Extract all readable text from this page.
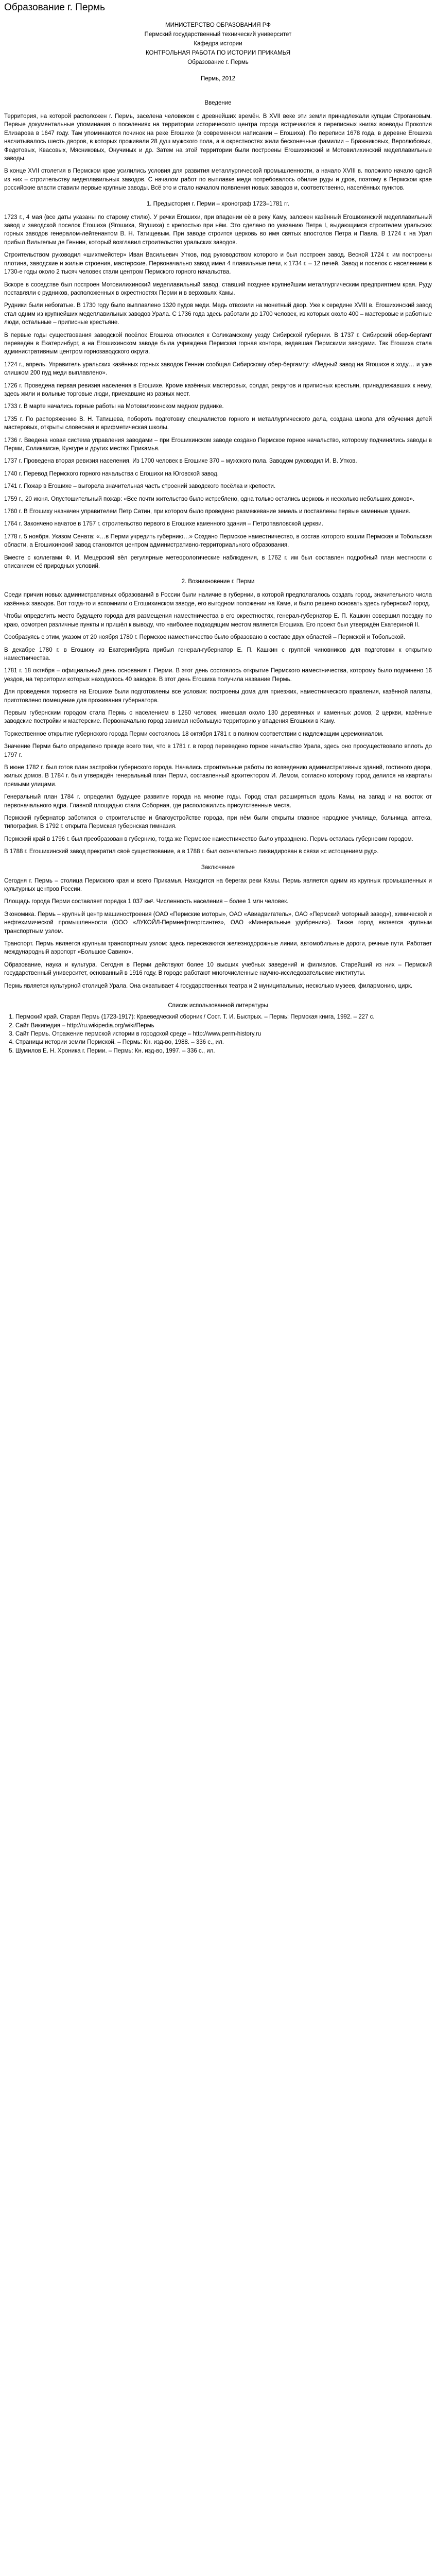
Образование г. Пермь
МИНИСТЕРСТВО ОБРАЗОВАНИЯ РФ
Пермский государственный технический университет
Кафедра истории
КОНТРОЛЬНАЯ РАБОТА ПО ИСТОРИИ ПРИКАМЬЯ
Образование г. Пермь
Пермь, 2012
Введение

Территория, на которой расположен г. Пермь, заселена человеком с древнейших времён. В XVII веке эти земли принадлежали купцам Строгановым. Первые документальные упоминания о поселениях на территории исторического центра города встречаются в переписных книгах воеводы Прокопия Елизарова в 1647 году. Там упоминаются починок на реке Егошихе (в современном написании – Егошиха). По переписи 1678 года, в деревне Егошиха насчитывалось шесть дворов, в которых проживали 28 душ мужского пола, а в окрестностях жили бесконечные фамилии – Бражниковых, Веролюбовых, Федотовых, Квасовых, Мясниковых, Онучиных и др. Затем на этой территории были построены Егошихинский и Мотовилихинский медеплавильные заводы.

В конце XVII столетия в Пермском крае усилились условия для развития металлургической промышленности, а начало XVIII в. положило начало одной из них – строительству медеплавильных заводов. С началом работ по выплавке меди потребовалось обилие руды и дров, поэтому в Пермском крае российские власти ставили первые крупные заводы. Всё это и стало началом появления новых заводов и, соответственно, населённых пунктов.

1. Предыстория г. Перми – хронограф 1723–1781 гг.

1723 г., 4 мая (все даты указаны по старому стилю). У речки Егошихи, при впадении её в реку Каму, заложен казённый Егошихинский медеплавильный завод и заводской поселок Егошиха (Ягошиха, Ягушиха) с крепостью при нём. Это сделано по указанию Петра I, выдающимся строителем уральских горных заводов генералом-лейтенантом В. Н. Татищевым. При заводе строится церковь во имя святых апостолов Петра и Павла. В 1724 г. на Урал прибыл Вильгельм де Геннин, который возглавил строительство уральских заводов.

Строительством руководил «шихтмейстер» Иван Васильевич Утков, под руководством которого и был построен завод. Весной 1724 г. им построены плотина, заводские и жилые строения, мастерские. Первоначально завод имел 4 плавильные печи, к 1734 г. – 12 печей. Завод и поселок с населением в 1730-е годы около 2 тысяч человек стали центром Пермского горного начальства.

Вскоре в соседстве был построен Мотовилихинский медеплавильный завод, ставший позднее крупнейшим металлургическим предприятием края. Руду поставляли с рудников, расположенных в окрестностях Перми и в верховьях Камы.

Рудники были небогатые. В 1730 году было выплавлено 1320 пудов меди. Медь отвозили на монетный двор. Уже к середине XVIII в. Егошихинский завод стал одним из крупнейших медеплавильных заводов Урала. С 1736 года здесь работали до 1700 человек, из которых около 400 – мастеровые и работные люди, остальные – приписные крестьяне.

В первые годы существования заводской посёлок Егошиха относился к Соликамскому уезду Сибирской губернии. В 1737 г. Сибирский обер-бергамт переведён в Екатеринбург, а на Егошихинском заводе была учреждена Пермская горная контора, ведавшая Пермскими заводами. Так Егошиха стала административным центром горнозаводского округа.

1724 г., апрель. Управитель уральских казённых горных заводов Геннин сообщал Сибирскому обер-бергамту: «Медный завод на Ягошихе в ходу… и уже слишком 200 пуд меди выплавлено».

1726 г. Проведена первая ревизия населения в Егошихе. Кроме казённых мастеровых, солдат, рекрутов и приписных крестьян, принадлежавших к нему, здесь жили и вольные торговые люди, приехавшие из разных мест.

1733 г. В марте начались горные работы на Мотовилихинском медном руднике.

1735 г. По распоряжению В. Н. Татищева, побороть подготовку специалистов горного и металлургического дела, создана школа для обучения детей мастеровых, открыты словесная и арифметическая школы.

1736 г. Введена новая система управления заводами – при Егошихинском заводе создано Пермское горное начальство, которому подчинялись заводы в Перми, Соликамске, Кунгуре и других местах Прикамья.

1737 г. Проведена вторая ревизия населения. Из 1700 человек в Егошихе 370 – мужского пола. Заводом руководил И. В. Утков.

1740 г. Перевод Пермского горного начальства с Егошихи на Юговской завод.

1741 г. Пожар в Егошихе – выгорела значительная часть строений заводского посёлка и крепости.

1759 г., 20 июня. Опустошительный пожар: «Все почти жительство было истреблено, одна только остались церковь и несколько небольших домов».

1760 г. В Егошиху назначен управителем Петр Сатин, при котором было проведено размежевание земель и поставлены первые каменные здания.

1764 г. Закончено начатое в 1757 г. строительство первого в Егошихе каменного здания – Петропавловской церкви.

1778 г. 5 ноября. Указом Сената: «…в Перми учредить губернию…» Создано Пермское наместничество, в состав которого вошли Пермская и Тобольская области, а Егошихинский завод становится центром административно-территориального образования.

Вместе с коллегами Ф. И. Мецерский вёл регулярные метеорологические наблюдения, в 1762 г. им был составлен подробный план местности с описанием её природных условий.

2. Возникновение г. Перми

Среди причин новых административных образований в России были наличие в губернии, в которой предполагалось создать город, значительного числа казённых заводов. Вот тогда-то и вспомнили о Егошихинском заводе, его выгодном положении на Каме, и было решено основать здесь губернский город.

Чтобы определить место будущего города для размещения наместничества в его окрестностях, генерал-губернатор Е. П. Кашкин совершил поездку по краю, осмотрел различные пункты и пришёл к выводу, что наиболее подходящим местом является Егошиха. Его проект был утверждён Екатериной II.

Сообразуясь с этим, указом от 20 ноября 1780 г. Пермское наместничество было образовано в составе двух областей – Пермской и Тобольской.

В декабре 1780 г. в Егошиху из Екатеринбурга прибыл генерал-губернатор Е. П. Кашкин с группой чиновников для подготовки к открытию наместничества.

1781 г. 18 октября – официальный день основания г. Перми. В этот день состоялось открытие Пермского наместничества, которому было подчинено 16 уездов, на территории которых находилось 40 заводов. В этот день Егошиха получила название Пермь.

Для проведения торжеств на Егошихе были подготовлены все условия: построены дома для приезжих, наместнического правления, казённой палаты, приготовлено помещение для проживания губернатора.

Первым губернским городом стала Пермь с населением в 1250 человек, имевшая около 130 деревянных и каменных домов, 2 церкви, казённые заводские постройки и мастерские. Первоначально город занимал небольшую территорию у впадения Егошихи в Каму.

Торжественное открытие губернского города Перми состоялось 18 октября 1781 г. в полном соответствии с надлежащим церемониалом.

Значение Перми было определено прежде всего тем, что в 1781 г. в город переведено горное начальство Урала, здесь оно просуществовало вплоть до 1797 г.

В июне 1782 г. был готов план застройки губернского города. Начались строительные работы по возведению административных зданий, гостиного двора, жилых домов. В 1784 г. был утверждён генеральный план Перми, составленный архитектором И. Лемом, согласно которому город делился на кварталы прямыми улицами.

Генеральный план 1784 г. определил будущее развитие города на многие годы. Город стал расширяться вдоль Камы, на запад и на восток от первоначального ядра. Главной площадью стала Соборная, где расположились присутственные места.

Пермский губернатор заботился о строительстве и благоустройстве города, при нём были открыты главное народное училище, больница, аптека, типография. В 1792 г. открыта Пермская губернская гимназия.

Пермский край в 1796 г. был преобразован в губернию, тогда же Пермское наместничество было упразднено. Пермь осталась губернским городом.

В 1788 г. Егошихинский завод прекратил своё существование, а в 1788 г. был окончательно ликвидирован в связи «с истощением руд».

Заключение

Сегодня г. Пермь – столица Пермского края и всего Прикамья. Находится на берегах реки Камы. Пермь является одним из крупных промышленных и культурных центров России.

Площадь города Перми составляет порядка 1 037 км². Численность населения – более 1 млн человек.

Экономика. Пермь – крупный центр машиностроения (ОАО «Пермские моторы», ОАО «Авиадвигатель», ОАО «Пермский моторный завод»), химической и нефтехимической промышленности (ООО «ЛУКОЙЛ-Пермнефтеоргсинтез», ОАО «Минеральные удобрения»). Также город является крупным транспортным узлом.

Транспорт. Пермь является крупным транспортным узлом: здесь пересекаются железнодорожные линии, автомобильные дороги, речные пути. Работает международный аэропорт «Большое Савино».

Образование, наука и культура. Сегодня в Перми действуют более 10 высших учебных заведений и филиалов. Старейший из них – Пермский государственный университет, основанный в 1916 году. В городе работают многочисленные научно-исследовательские институты.

Пермь является культурной столицей Урала. Она охватывает 4 государственных театра и 2 муниципальных, несколько музеев, филармонию, цирк.

Список использованной литературы
1. Пермский край. Старая Пермь (1723-1917): Краеведческий сборник / Сост. Т. И. Быстрых. – Пермь: Пермская книга, 1992. – 227 с.
2. Сайт Википедия – http://ru.wikipedia.org/wiki/Пермь
3. Сайт Пермь. Отражение пермской истории в городской среде – http://www.perm-history.ru
4. Страницы истории земли Пермской. – Пермь: Кн. изд-во, 1988. – 336 с., ил.
5. Шумилов Е. Н. Хроника г. Перми. – Пермь: Кн. изд-во, 1997. – 336 с., ил.
